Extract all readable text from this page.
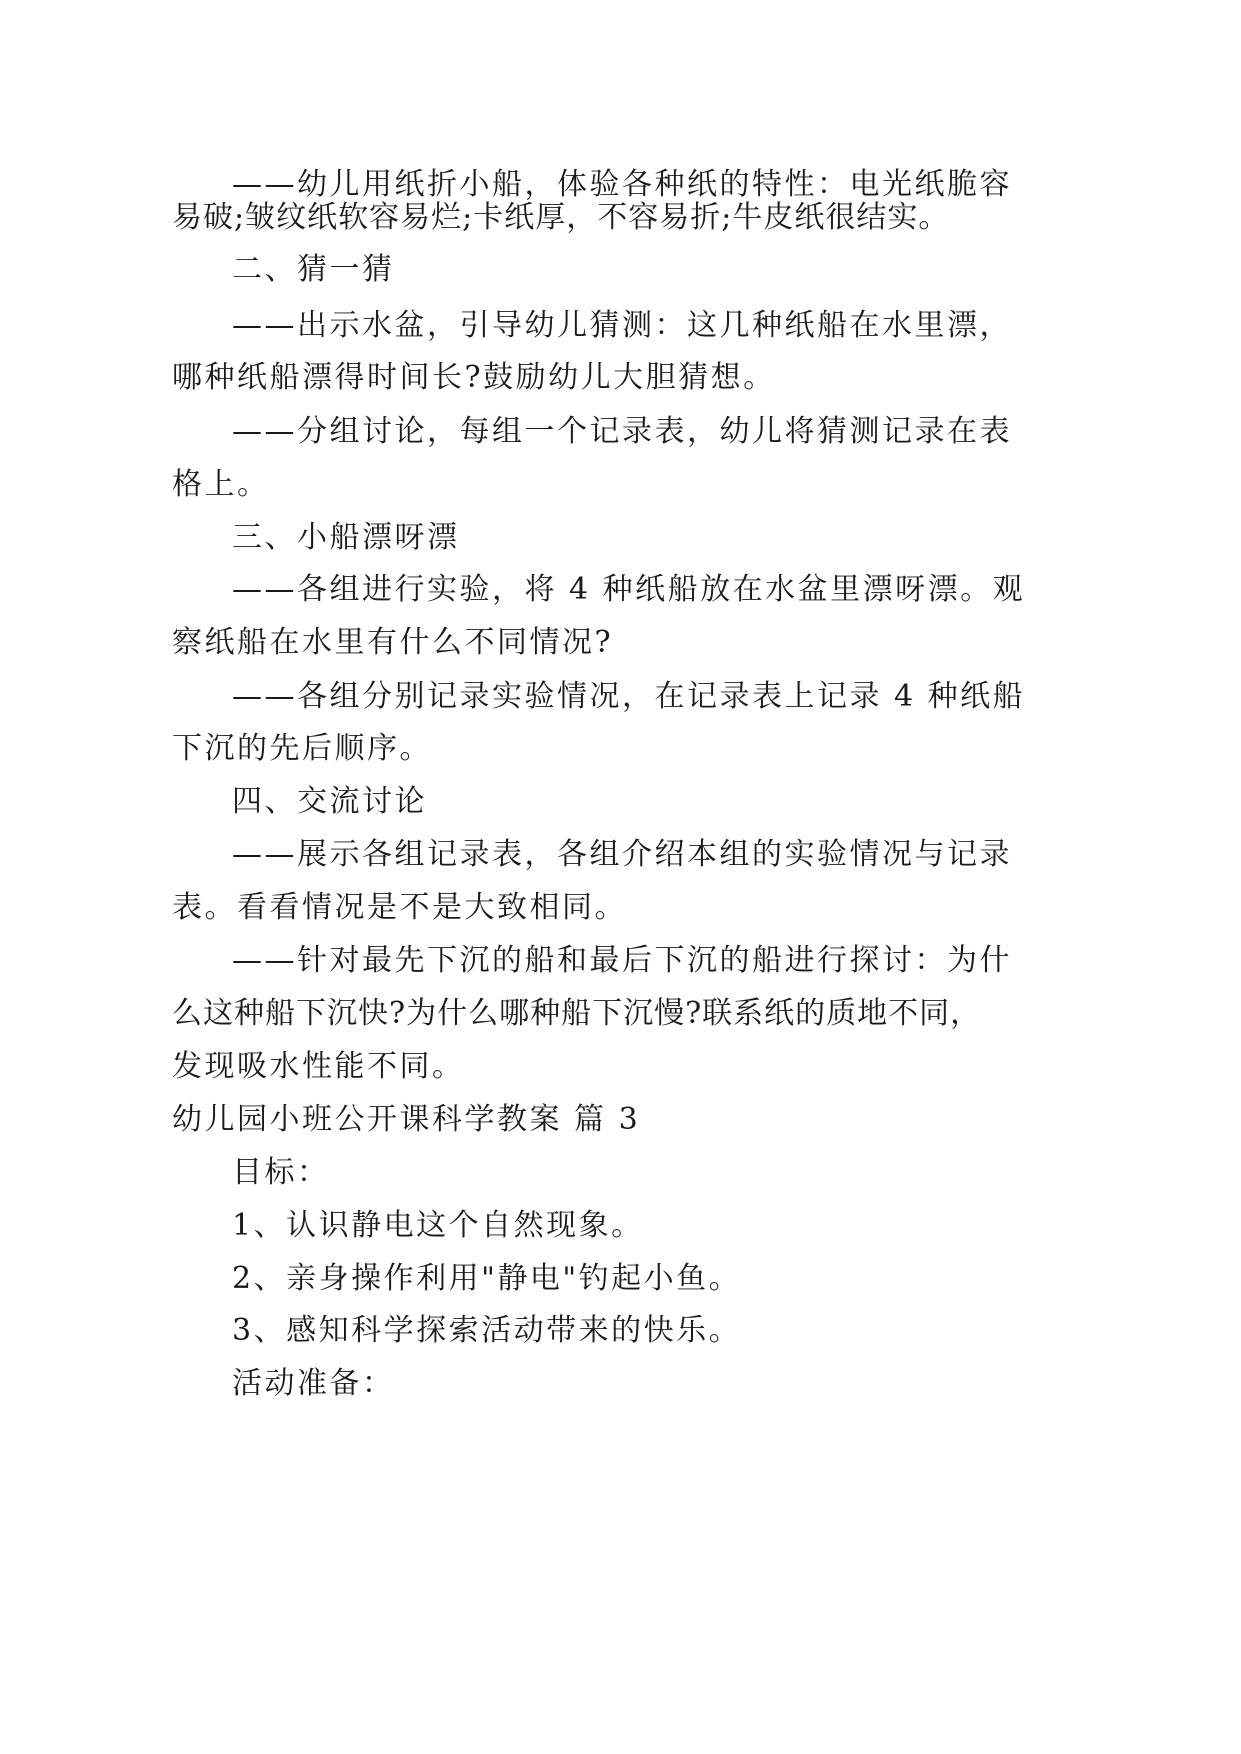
——幼儿用纸折小船，体验各种纸的特性：电光纸脆容
易破;皱纹纸软容易烂;卡纸厚，不容易折;牛皮纸很结实。
二、猜一猜
——出示水盆，引导幼儿猜测：这几种纸船在水里漂，
哪种纸船漂得时间长?鼓励幼儿大胆猜想。
——分组讨论，每组一个记录表，幼儿将猜测记录在表
格上。
三、小船漂呀漂
——各组进行实验，将 4 种纸船放在水盆里漂呀漂。观
察纸船在水里有什么不同情况?
——各组分别记录实验情况，在记录表上记录 4 种纸船
下沉的先后顺序。
四、交流讨论
——展示各组记录表，各组介绍本组的实验情况与记录
表。看看情况是不是大致相同。
——针对最先下沉的船和最后下沉的船进行探讨：为什
么这种船下沉快?为什么哪种船下沉慢?联系纸的质地不同，
发现吸水性能不同。
幼儿园小班公开课科学教案 篇 3
目标：
1、认识静电这个自然现象。
2、亲身操作利用"静电"钓起小鱼。
3、感知科学探索活动带来的快乐。
活动准备：
